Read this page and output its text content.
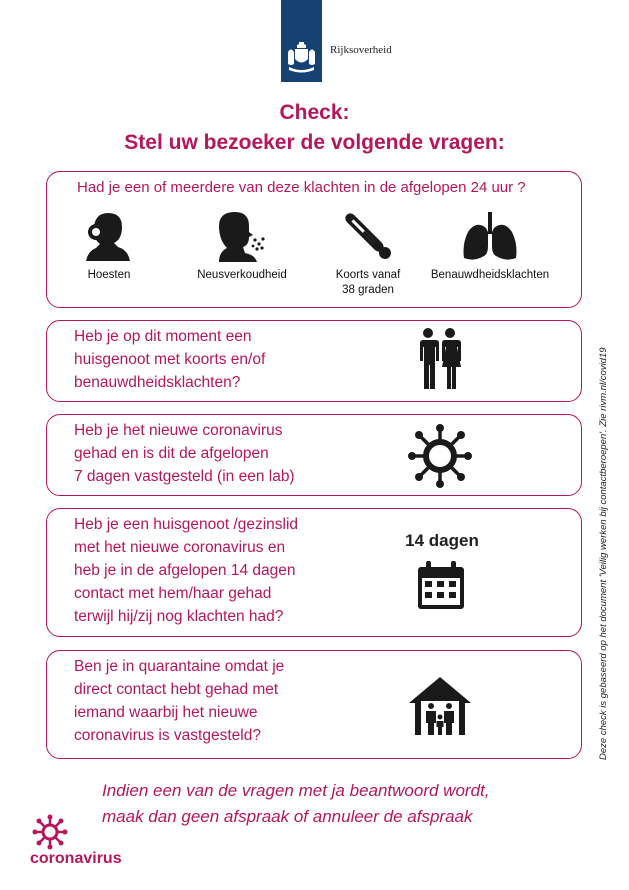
Rijksoverheid
Check:
Stel uw bezoeker de volgende vragen:
Had je een of meerdere van deze klachten in de afgelopen 24 uur ?
Hoesten	Neusverkoudheid	Koorts vanaf
38 graden
Benauwdheidsklachten
Heb je op dit moment een
huisgenoot met koorts en/of
benauwdheidsklachten?
Heb je het nieuwe coronavirus
gehad en is dit de afgelopen
7 dagen vastgesteld (in een lab)
Heb je een huisgenoot /gezinslid
met het nieuwe coronavirus en
heb je in de afgelopen 14 dagen
contact met hem/haar gehad
terwijl hij/zij nog klachten had?
14 dagen
Ben je in quarantaine omdat je
direct contact hebt gehad met
iemand waarbij het nieuwe
coronavirus is vastgesteld?	Deze check is gebaseerd op het document 'Veilig werken bij contactberoepen'. Zie rivm.nl/covid19
Indien een van de vragen met ja beantwoord wordt,
maak dan geen afspraak of annuleer de afspraak
coronavirus
